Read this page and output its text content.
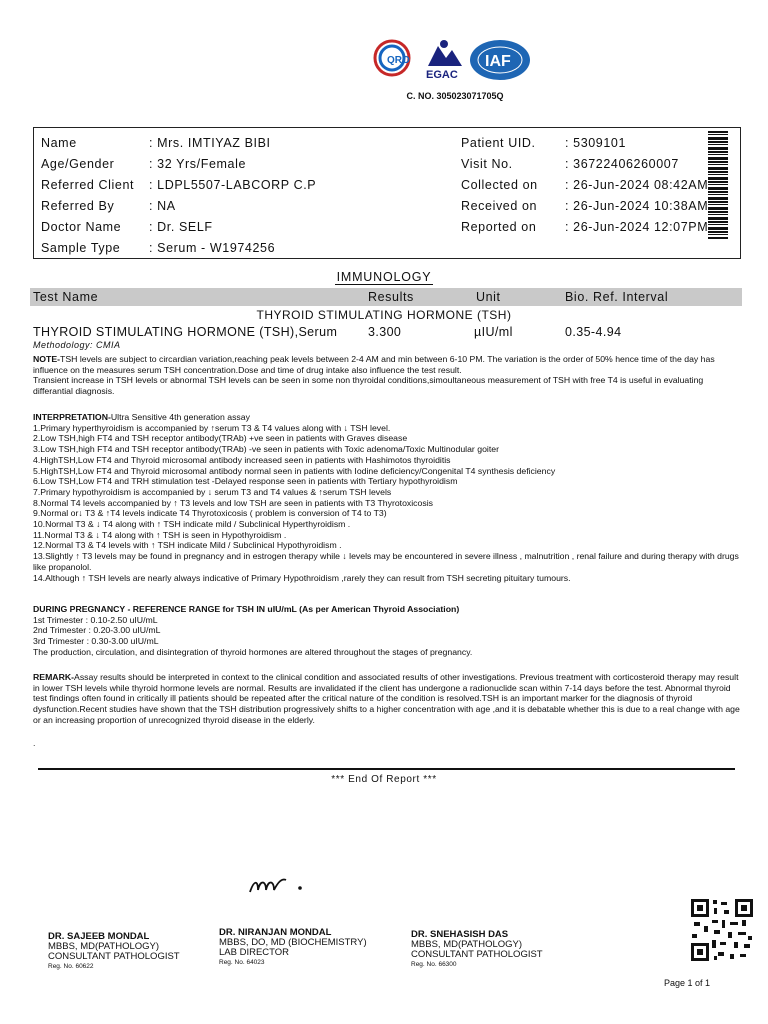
QRO
EGAC
IAF
C. NO. 305023071705Q
Name	: Mrs. IMTIYAZ BIBI
Age/Gender	: 32 Yrs/Female
Referred Client : LDPL5507-LABCORP C.P
Referred By	: NA
Doctor Name : Dr. SELF
Sample Type : Serum - W1974256
Patient UID. : 5309101
Visit No.	: 36722406260007
Collected on : 26-Jun-2024 08:42AM
Received on : 26-Jun-2024 10:38AM
Reported on : 26-Jun-2024 12:07PM
IMMUNOLOGY
Test Name	Results	Unit	Bio. Ref. Interval
THYROID STIMULATING HORMONE (TSH)
THYROID STIMULATING HORMONE (TSH),Serum 3.300	µIU/ml	0.35-4.94
Methodology: CMIA

NOTE-TSH levels are subject to circardian variation,reaching peak levels between 2-4 AM and min between 6-10 PM. The variation is the order of 50% hence time of the day has influence on the measures serum TSH concentration.Dose and time of drug intake also influence the test result.

Transient increase in TSH levels or abnormal TSH levels can be seen in some non thyroidal conditions,simoultaneous measurement of TSH with free T4 is useful in evaluating differantial diagnosis.

INTERPRETATION-Ultra Sensitive 4th generation assay

1.Primary hyperthyroidism is accompanied by ↑serum T3 & T4 values along with ↓ TSH level.

2.Low TSH,high FT4 and TSH receptor antibody(TRAb) +ve seen in patients with Graves disease

3.Low TSH,high FT4 and TSH receptor antibody(TRAb) -ve seen in patients with Toxic adenoma/Toxic Multinodular goiter

4.HighTSH,Low FT4 and Thyroid microsomal antibody increased seen in patients with Hashimotos thyroiditis

5.HighTSH,Low FT4 and Thyroid microsomal antibody normal seen in patients with Iodine deficiency/Congenital T4 synthesis deficiency

6.Low TSH,Low FT4 and TRH stimulation test -Delayed response seen in patients with Tertiary hypothyroidism

7.Primary hypothyroidism is accompanied by ↓ serum T3 and T4 values & ↑serum TSH levels

8.Normal T4 levels accompanied by ↑ T3 levels and low TSH are seen in patients with T3 Thyrotoxicosis

9.Normal or↓ T3 & ↑T4 levels indicate T4 Thyrotoxicosis ( problem is conversion of T4 to T3)

10.Normal T3 & ↓ T4 along with ↑ TSH indicate mild / Subclinical Hyperthyroidism .

11.Normal T3 & ↓ T4 along with ↑ TSH is seen in Hypothyroidism .

12.Normal T3 & T4 levels with ↑ TSH indicate Mild / Subclinical Hypothyroidism .

13.Slightly ↑ T3 levels may be found in pregnancy and in estrogen therapy while ↓ levels may be encountered in severe illness , malnutrition , renal failure and during therapy with drugs like propanolol.

14.Although ↑ TSH levels are nearly always indicative of Primary Hypothroidism ,rarely they can result from TSH secreting pituitary tumours.

DURING PREGNANCY - REFERENCE RANGE for TSH IN uIU/mL (As per American Thyroid Association)

1st Trimester : 0.10-2.50 uIU/mL

2nd Trimester : 0.20-3.00 uIU/mL

3rd Trimester : 0.30-3.00 uIU/mL

The production, circulation, and disintegration of thyroid hormones are altered throughout the stages of pregnancy.

REMARK-Assay results should be interpreted in context to the clinical condition and associated results of other investigations. Previous treatment with corticosteroid therapy may result in lower TSH levels while thyroid hormone levels are normal. Results are invalidated if the client has undergone a radionuclide scan within 7-14 days before the test. Abnormal thyroid test findings often found in critically ill patients should be repeated after the critical nature of the condition is resolved.TSH is an important marker for the diagnosis of thyroid dysfunction.Recent studies have shown that the TSH distribution progressively shifts to a higher concentration with age ,and it is debatable whether this is due to a real change with age or an increasing proportion of unrecognized thyroid disease in the elderly.

.
*** End Of Report ***
DR. SAJEEB MONDAL
MBBS, MD(PATHOLOGY)
CONSULTANT PATHOLOGIST
Reg. No. 60622
DR. NIRANJAN MONDAL
MBBS, DO, MD (BIOCHEMISTRY)
LAB DIRECTOR
Reg. No. 64023
DR. SNEHASISH DAS
MBBS, MD(PATHOLOGY)
CONSULTANT PATHOLOGIST
Reg. No. 66300
Page 1 of 1
